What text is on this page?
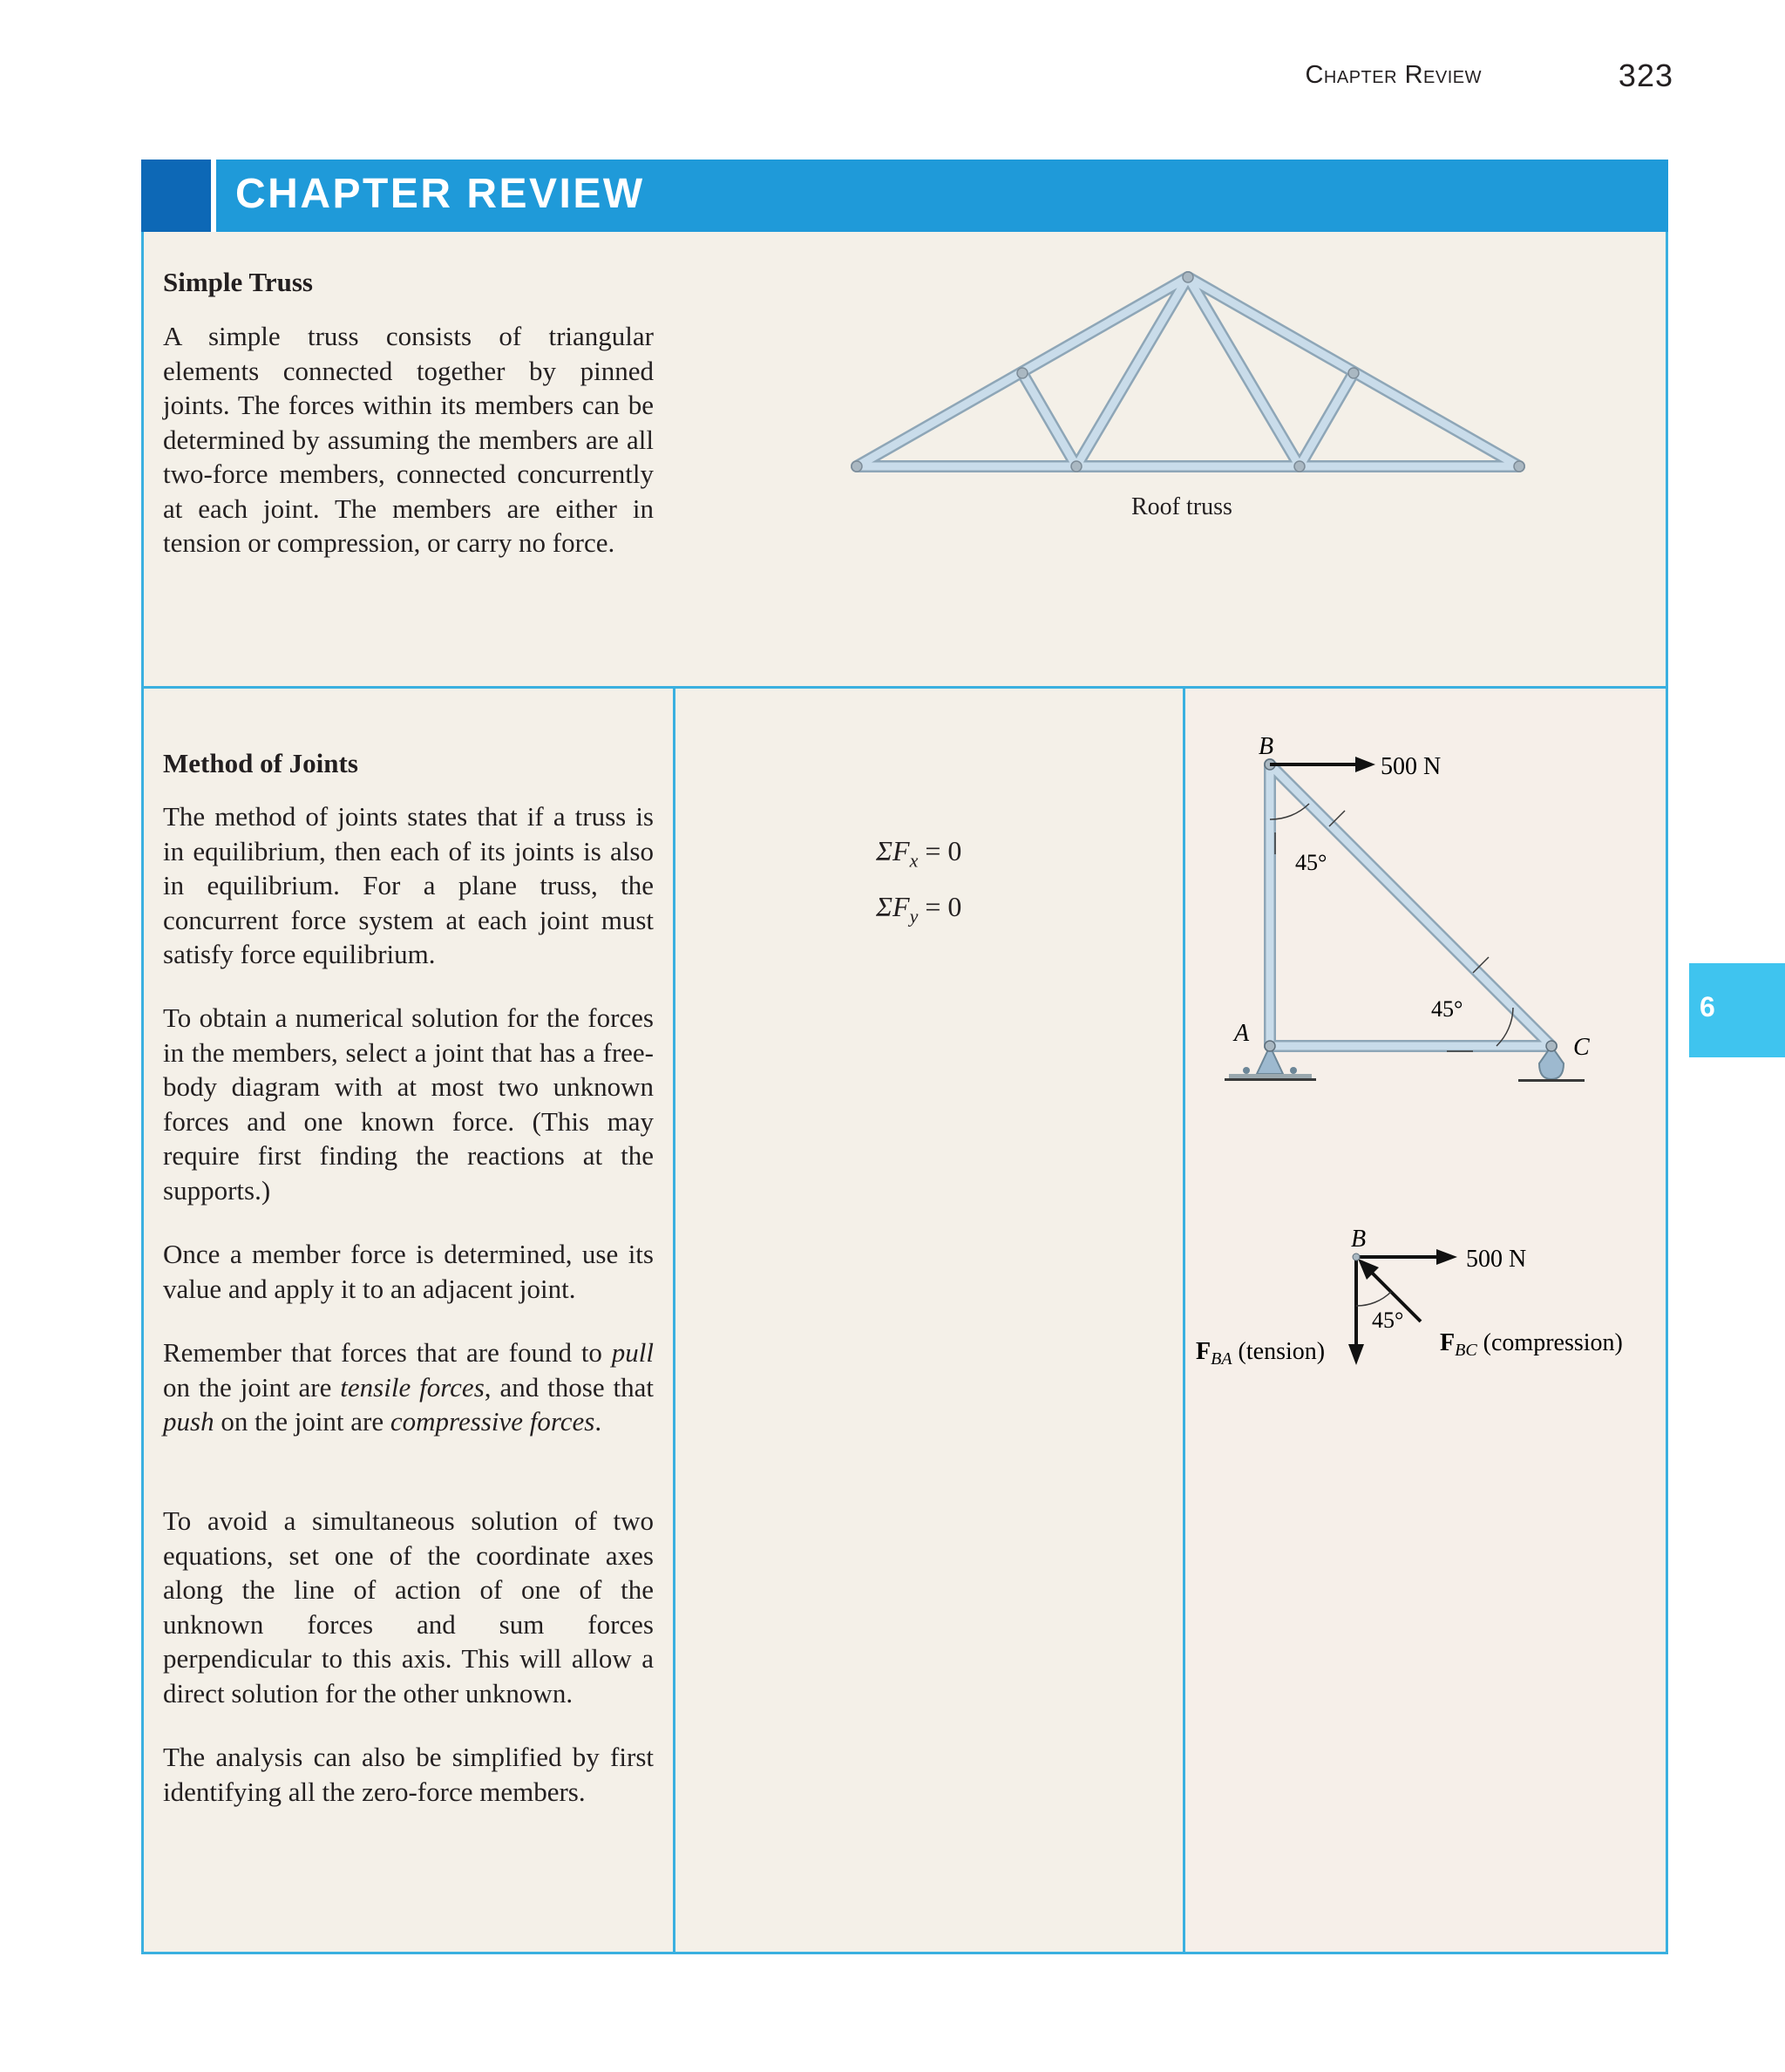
Chapter Review	323
CHAPTER REVIEW
Simple Truss

A simple truss consists of triangular elements connected together by pinned joints. The forces within its members can be determined by assuming the members are all two-force members, connected concurrently at each joint. The members are either in tension or compression, or carry no force.

Roof truss
Method of Joints

The method of joints states that if a truss is in equilibrium, then each of its joints is also in equilibrium. For a plane truss, the concurrent force system at each joint must satisfy force equilibrium.

To obtain a numerical solution for the forces in the members, select a joint that has a free-body diagram with at most two unknown forces and one known force. (This may require first finding the reactions at the supports.)

Once a member force is determined, use its value and apply it to an adjacent joint.

Remember that forces that are found to pull on the joint are tensile forces, and those that push on the joint are compressive forces.

To avoid a simultaneous solution of two equations, set one of the coordinate axes along the line of action of one of the unknown forces and sum forces perpendicular to this axis. This will allow a direct solution for the other unknown.

The analysis can also be simplified by first identifying all the zero-force members.

$\Sigma F_x = 0$
$\Sigma F_y = 0$
B
500 N
45°
45°
A
C
B
500 N
45°
$F_{BA}$ (tension)	$F_{BC}$ (compression)
6
